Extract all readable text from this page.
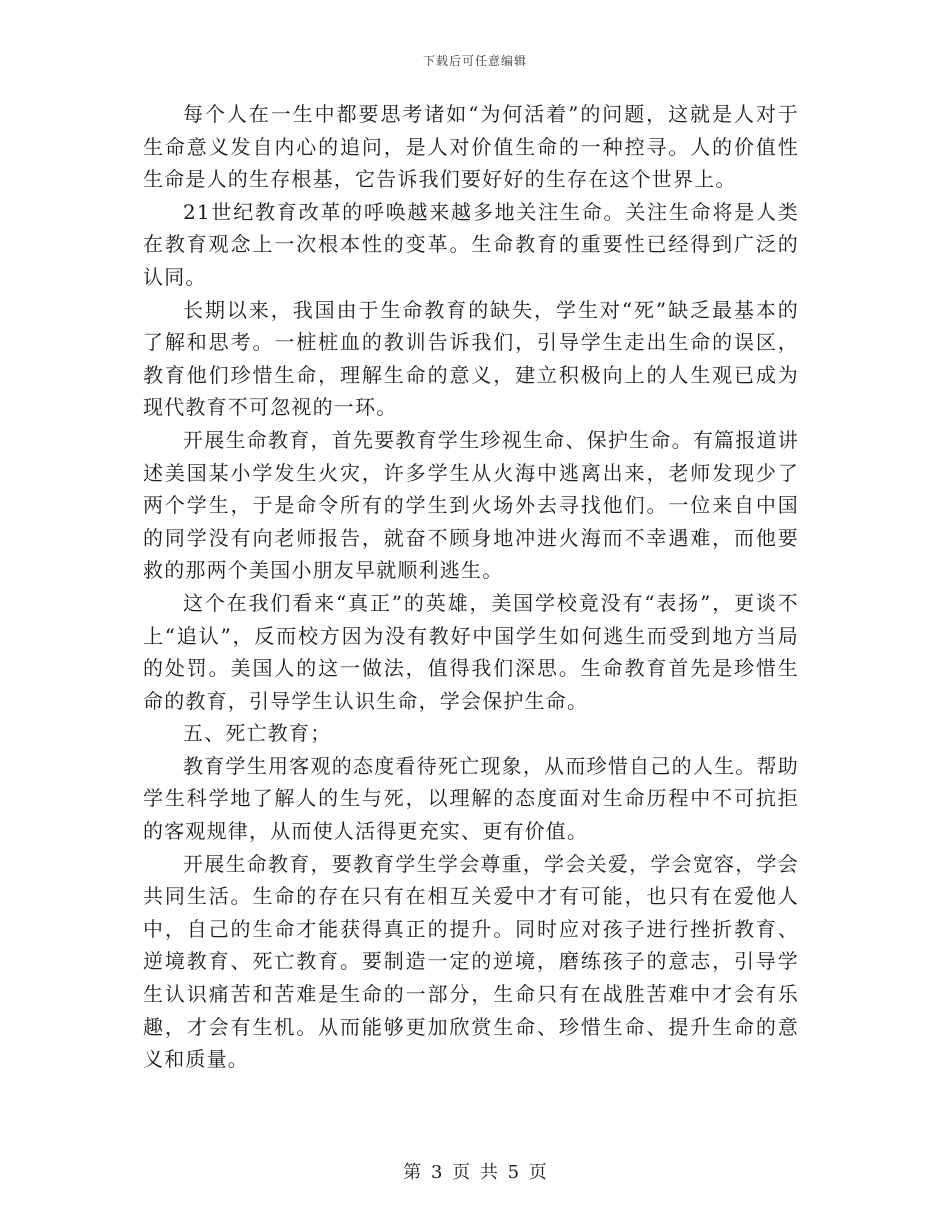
下载后可任意编辑

每个人在一生中都要思考诸如“为何活着”的问题，这就是人对于生命意义发自内心的追问，是人对价值生命的一种控寻。人的价值性生命是人的生存根基，它告诉我们要好好的生存在这个世界上。

21世纪教育改革的呼唤越来越多地关注生命。关注生命将是人类在教育观念上一次根本性的变革。生命教育的重要性已经得到广泛的认同。

长期以来，我国由于生命教育的缺失，学生对“死”缺乏最基本的了解和思考。一桩桩血的教训告诉我们，引导学生走出生命的误区，教育他们珍惜生命，理解生命的意义，建立积极向上的人生观已成为现代教育不可忽视的一环。

开展生命教育，首先要教育学生珍视生命、保护生命。有篇报道讲述美国某小学发生火灾，许多学生从火海中逃离出来，老师发现少了两个学生，于是命令所有的学生到火场外去寻找他们。一位来自中国的同学没有向老师报告，就奋不顾身地冲进火海而不幸遇难，而他要救的那两个美国小朋友早就顺利逃生。

这个在我们看来“真正”的英雄，美国学校竟没有“表扬”，更谈不上“追认”，反而校方因为没有教好中国学生如何逃生而受到地方当局的处罚。美国人的这一做法，值得我们深思。生命教育首先是珍惜生命的教育，引导学生认识生命，学会保护生命。

五、死亡教育；

教育学生用客观的态度看待死亡现象，从而珍惜自己的人生。帮助学生科学地了解人的生与死，以理解的态度面对生命历程中不可抗拒的客观规律，从而使人活得更充实、更有价值。

开展生命教育，要教育学生学会尊重，学会关爱，学会宽容，学会共同生活。生命的存在只有在相互关爱中才有可能，也只有在爱他人中，自己的生命才能获得真正的提升。同时应对孩子进行挫折教育、逆境教育、死亡教育。要制造一定的逆境，磨练孩子的意志，引导学生认识痛苦和苦难是生命的一部分，生命只有在战胜苦难中才会有乐趣，才会有生机。从而能够更加欣赏生命、珍惜生命、提升生命的意义和质量。

第 3 页 共 5 页
